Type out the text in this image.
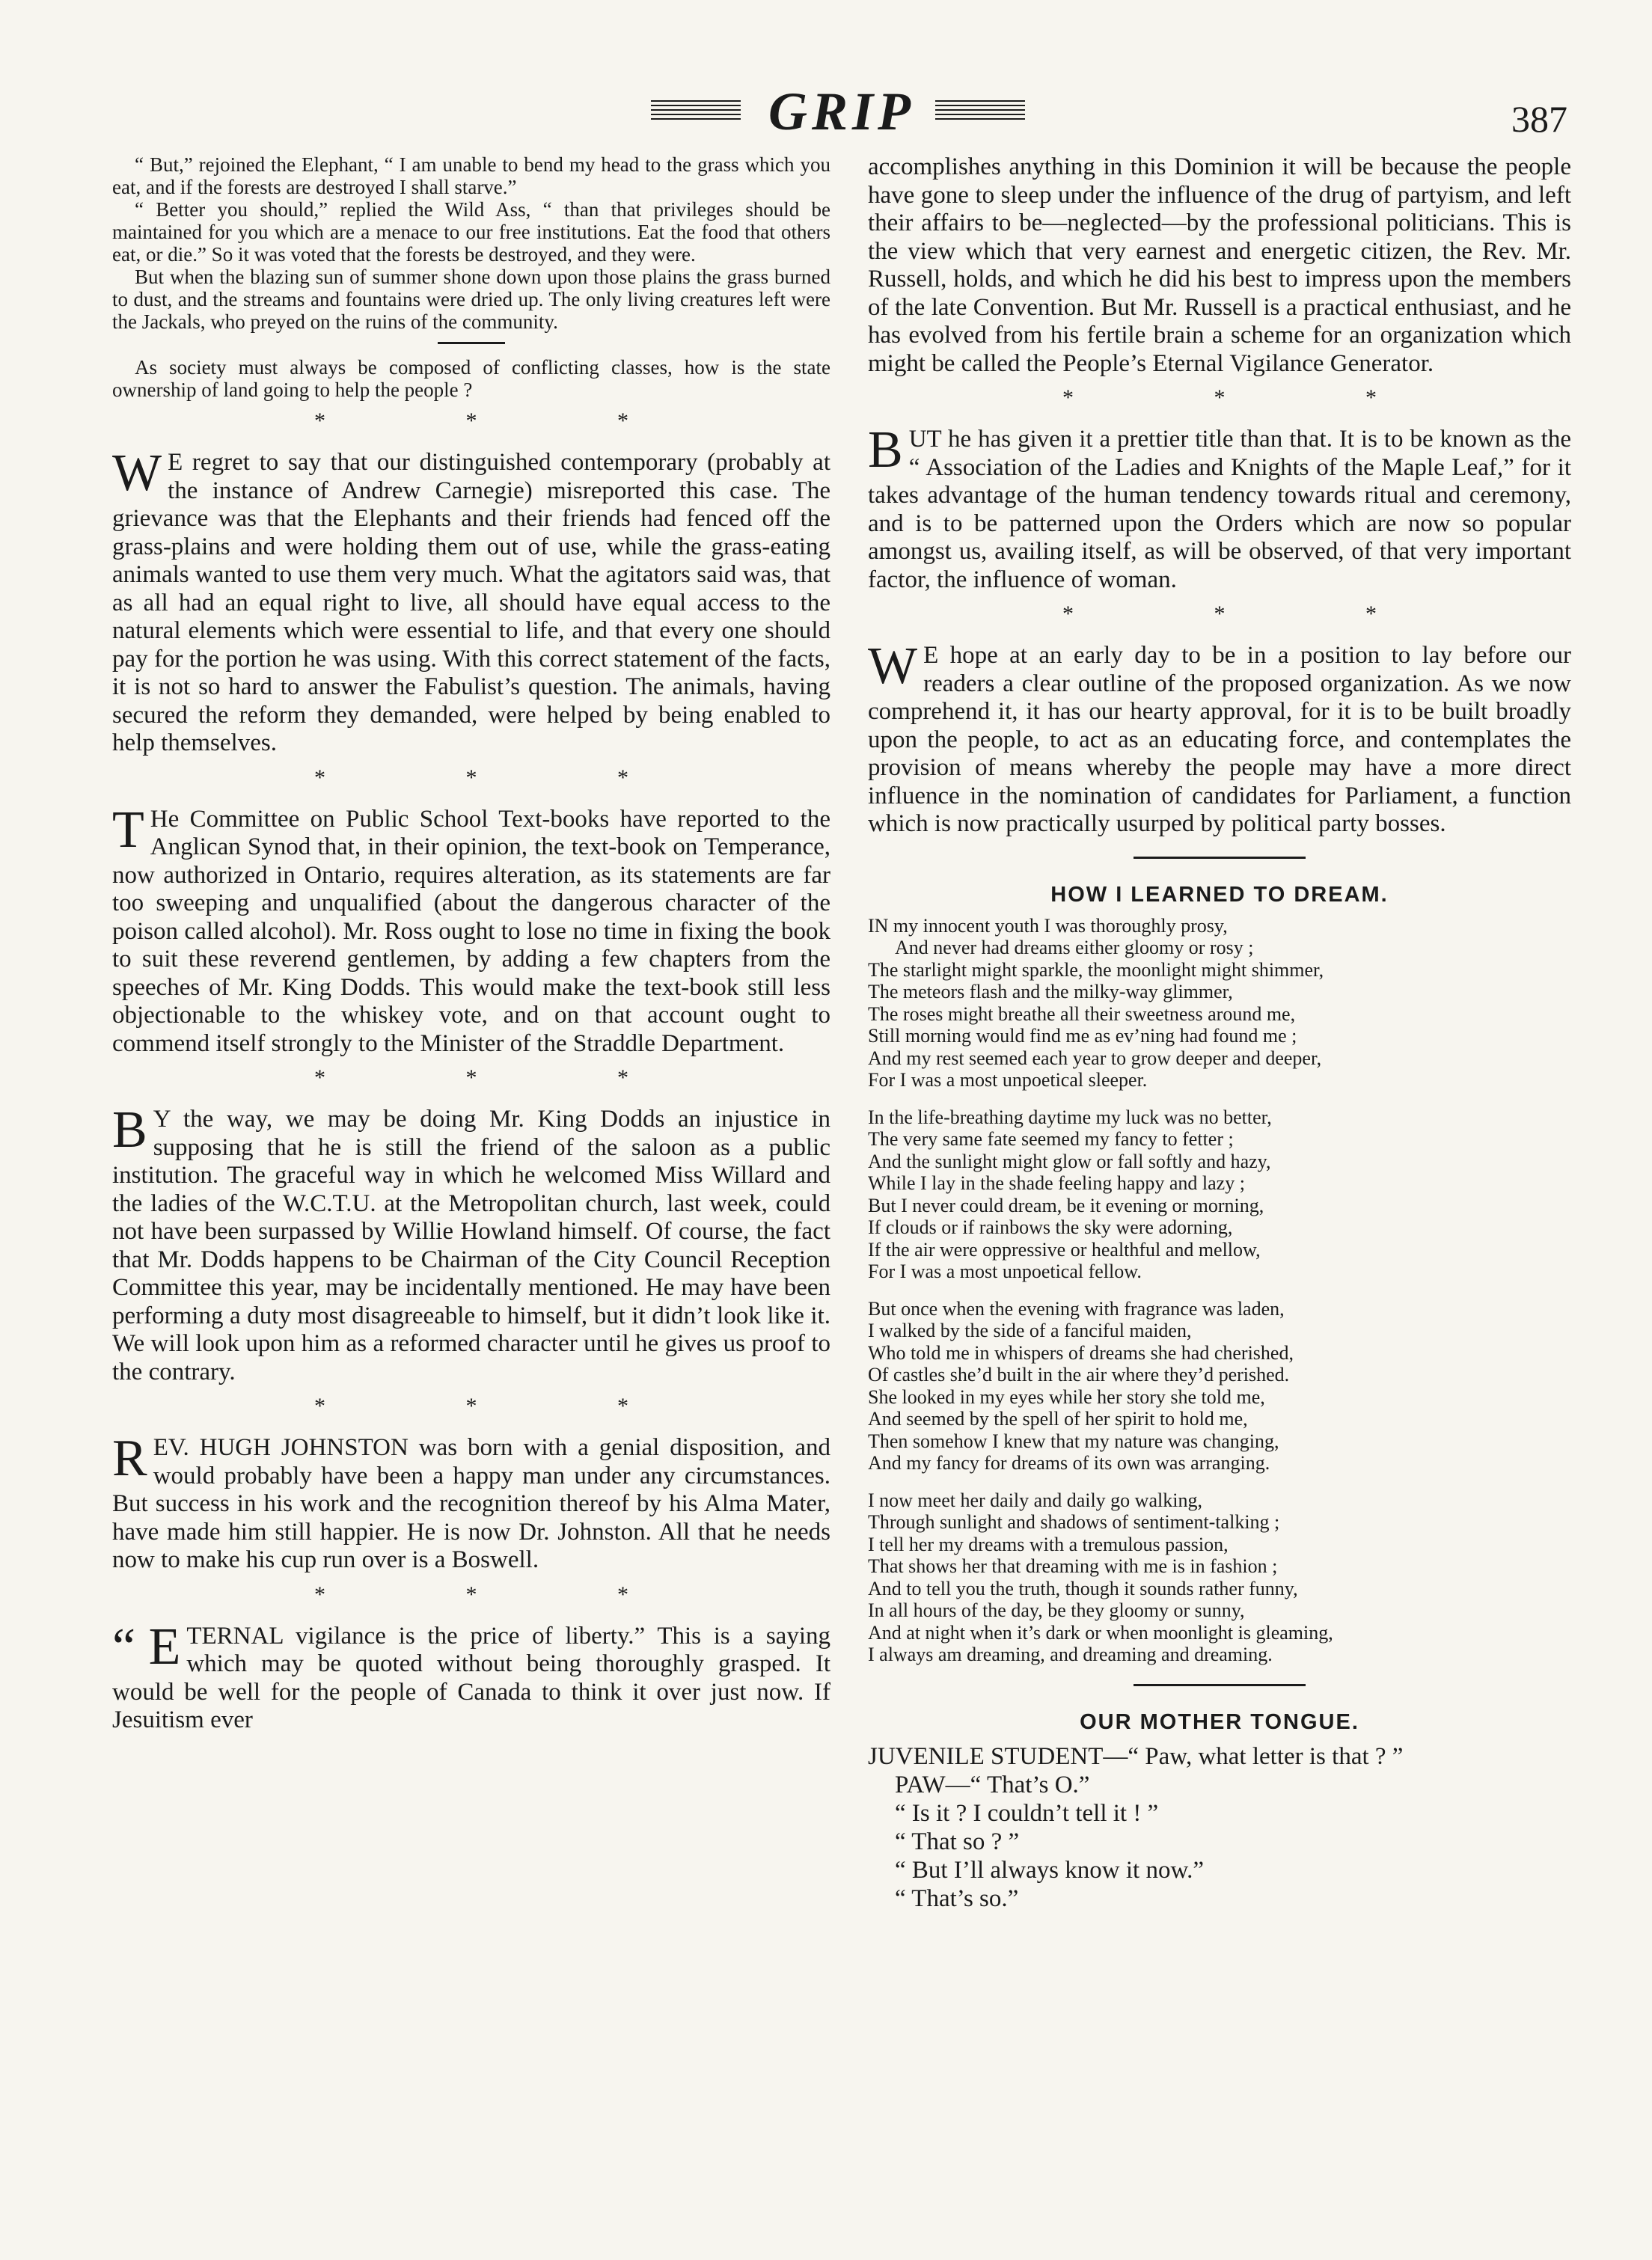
GRIP	387

“ But,” rejoined the Elephant, “ I am unable to bend my head to the grass which you eat, and if the forests are destroyed I shall starve.”

“ Better you should,” replied the Wild Ass, “ than that privileges should be maintained for you which are a menace to our free institutions. Eat the food that others eat, or die.” So it was voted that the forests be destroyed, and they were.

But when the blazing sun of summer shone down upon those plains the grass burned to dust, and the streams and fountains were dried up. The only living creatures left were the Jackals, who preyed on the ruins of the community.

As society must always be composed of conflicting classes, how is the state ownership of land going to help the people ?

* * *
W E regret to say that our distinguished contemporary (probably at the instance of Andrew Carnegie) misreported this case. The grievance was that the Elephants and their friends had fenced off the grass-plains and were holding them out of use, while the grass-eating animals wanted to use them very much. What the agitators said was, that as all had an equal right to live, all should have equal access to the natural elements which were essential to life, and that every one should pay for the portion he was using. With this correct statement of the facts, it is not so hard to answer the Fabulist’s question. The animals, having secured the reform they demanded, were helped by being enabled to help themselves.
* * *
T He Committee on Public School Text-books have reported to the Anglican Synod that, in their opinion, the text-book on Temperance, now authorized in Ontario, requires alteration, as its statements are far too sweeping and unqualified (about the dangerous character of the poison called alcohol). Mr. Ross ought to lose no time in fixing the book to suit these reverend gentlemen, by adding a few chapters from the speeches of Mr. King Dodds. This would make the text-book still less objectionable to the whiskey vote, and on that account ought to commend itself strongly to the Minister of the Straddle Department.
* * *
B Y the way, we may be doing Mr. King Dodds an injustice in supposing that he is still the friend of the saloon as a public institution. The graceful way in which he welcomed Miss Willard and the ladies of the W.C.T.U. at the Metropolitan church, last week, could not have been surpassed by Willie Howland himself. Of course, the fact that Mr. Dodds happens to be Chairman of the City Council Reception Committee this year, may be incidentally mentioned. He may have been performing a duty most disagreeable to himself, but it didn’t look like it. We will look upon him as a reformed character until he gives us proof to the contrary.
* * *
REV. HUGH JOHNSTON was born with a genial disposition, and would probably have been a happy man under any circumstances. But success in his work and the recognition thereof by his Alma Mater, have made him still happier. He is now Dr. Johnston. All that he needs now to make his cup run over is a Boswell.
* * *
“ E TERNAL vigilance is the price of liberty.” This is a saying which may be quoted without being thoroughly grasped. It would be well for the people of Canada to think it over just now. If Jesuitism ever
accomplishes anything in this Dominion it will be because the people have gone to sleep under the influence of the drug of partyism, and left their affairs to be—neglected—by the professional politicians. This is the view which that very earnest and energetic citizen, the Rev. Mr. Russell, holds, and which he did his best to impress upon the members of the late Convention. But Mr. Russell is a practical enthusiast, and he has evolved from his fertile brain a scheme for an organization which might be called the People’s Eternal Vigilance Generator.
* * *
BUT he has given it a prettier title than that. It is to be known as the “ Association of the Ladies and Knights of the Maple Leaf,” for it takes advantage of the human tendency towards ritual and ceremony, and is to be patterned upon the Orders which are now so popular amongst us, availing itself, as will be observed, of that very important factor, the influence of woman.
* * *
W E hope at an early day to be in a position to lay before our readers a clear outline of the proposed organization. As we now comprehend it, it has our hearty approval, for it is to be built broadly upon the people, to act as an educating force, and contemplates the provision of means whereby the people may have a more direct influence in the nomination of candidates for Parliament, a function which is now practically usurped by political party bosses.
HOW I LEARNED TO DREAM.
IN my innocent youth I was thoroughly prosy,
And never had dreams either gloomy or rosy ;
The starlight might sparkle, the moonlight might shimmer,
The meteors flash and the milky-way glimmer,
The roses might breathe all their sweetness around me,
Still morning would find me as ev’ning had found me ;
And my rest seemed each year to grow deeper and deeper,
For I was a most unpoetical sleeper.
In the life-breathing daytime my luck was no better,
The very same fate seemed my fancy to fetter ;
And the sunlight might glow or fall softly and hazy,
While I lay in the shade feeling happy and lazy ;
But I never could dream, be it evening or morning,
If clouds or if rainbows the sky were adorning,
If the air were oppressive or healthful and mellow,
For I was a most unpoetical fellow.
But once when the evening with fragrance was laden,
I walked by the side of a fanciful maiden,
Who told me in whispers of dreams she had cherished,
Of castles she’d built in the air where they’d perished.
She looked in my eyes while her story she told me,
And seemed by the spell of her spirit to hold me,
Then somehow I knew that my nature was changing,
And my fancy for dreams of its own was arranging.
I now meet her daily and daily go walking,
Through sunlight and shadows of sentiment-talking ;
I tell her my dreams with a tremulous passion,
That shows her that dreaming with me is in fashion ;
And to tell you the truth, though it sounds rather funny,
In all hours of the day, be they gloomy or sunny,
And at night when it’s dark or when moonlight is gleaming,
I always am dreaming, and dreaming and dreaming.
OUR MOTHER TONGUE.
JUVENILE STUDENT—“ Paw, what letter is that ? ”
PAW—“ That’s O.”
“ Is it ? I couldn’t tell it ! ”
“ That so ? ”
“ But I’ll always know it now.”
“ That’s so.”
